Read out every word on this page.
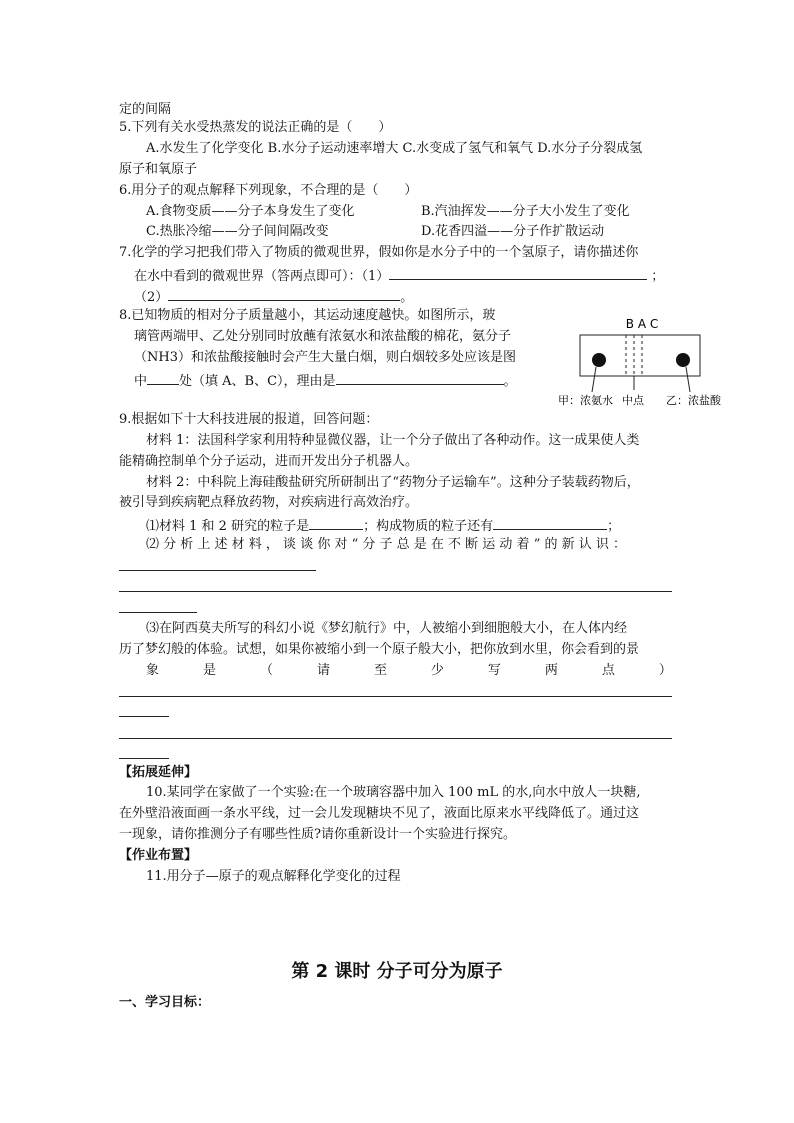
定的间隔
5.下列有关水受热蒸发的说法正确的是（　　）
A.水发生了化学变化 B.水分子运动速率增大 C.水变成了氢气和氧气 D.水分子分裂成氢
原子和氧原子
6.用分子的观点解释下列现象，不合理的是（　　）
A.食物变质——分子本身发生了变化	B.汽油挥发——分子大小发生了变化
C.热胀冷缩——分子间间隔改变	D.花香四溢——分子作扩散运动
7.化学的学习把我们带入了物质的微观世界，假如你是水分子中的一个氢原子，请你描述你
在水中看到的微观世界（答两点即可）：（1）	；
（2）	。
8.已知物质的相对分子质量越小，其运动速度越快。如图所示，玻
璃管两端甲、乙处分别同时放蘸有浓氨水和浓盐酸的棉花，氨分子
（NH3）和浓盐酸接触时会产生大量白烟，则白烟较多处应该是图
中 处（填 A、B、C），理由是	。
B A C
甲：浓氨水 中点 乙：浓盐酸
9.根据如下十大科技进展的报道，回答问题：
材料 1：法国科学家利用特种显微仪器，让一个分子做出了各种动作。这一成果使人类
能精确控制单个分子运动，进而开发出分子机器人。
材料 2：中科院上海硅酸盐研究所研制出了“药物分子运输车”。这种分子装载药物后，
被引导到疾病靶点释放药物，对疾病进行高效治疗。
⑴材料 1 和 2 研究的粒子是	；构成物质的粒子还有	；
⑵ 分 析 上 述 材 料 ， 谈 谈 你 对 “ 分 子 总 是 在 不 断 运 动 着 ” 的 新 认 识 ：
⑶在阿西莫夫所写的科幻小说《梦幻航行》中，人被缩小到细胞般大小，在人体内经
历了梦幻般的体验。试想，如果你被缩小到一个原子般大小，把你放到水里，你会看到的景
象	是	（	请	至	少	写	两	点	）
【拓展延伸】
10.某同学在家做了一个实验:在一个玻璃容器中加入 100 mL 的水,向水中放人一块糖,
在外壁沿液面画一条水平线，过一会儿发现糖块不见了，液面比原来水平线降低了。通过这
一现象，请你推测分子有哪些性质?请你重新设计一个实验进行探究。
【作业布置】
11.用分子—原子的观点解释化学变化的过程
第 2 课时 分子可分为原子
一、学习目标：
